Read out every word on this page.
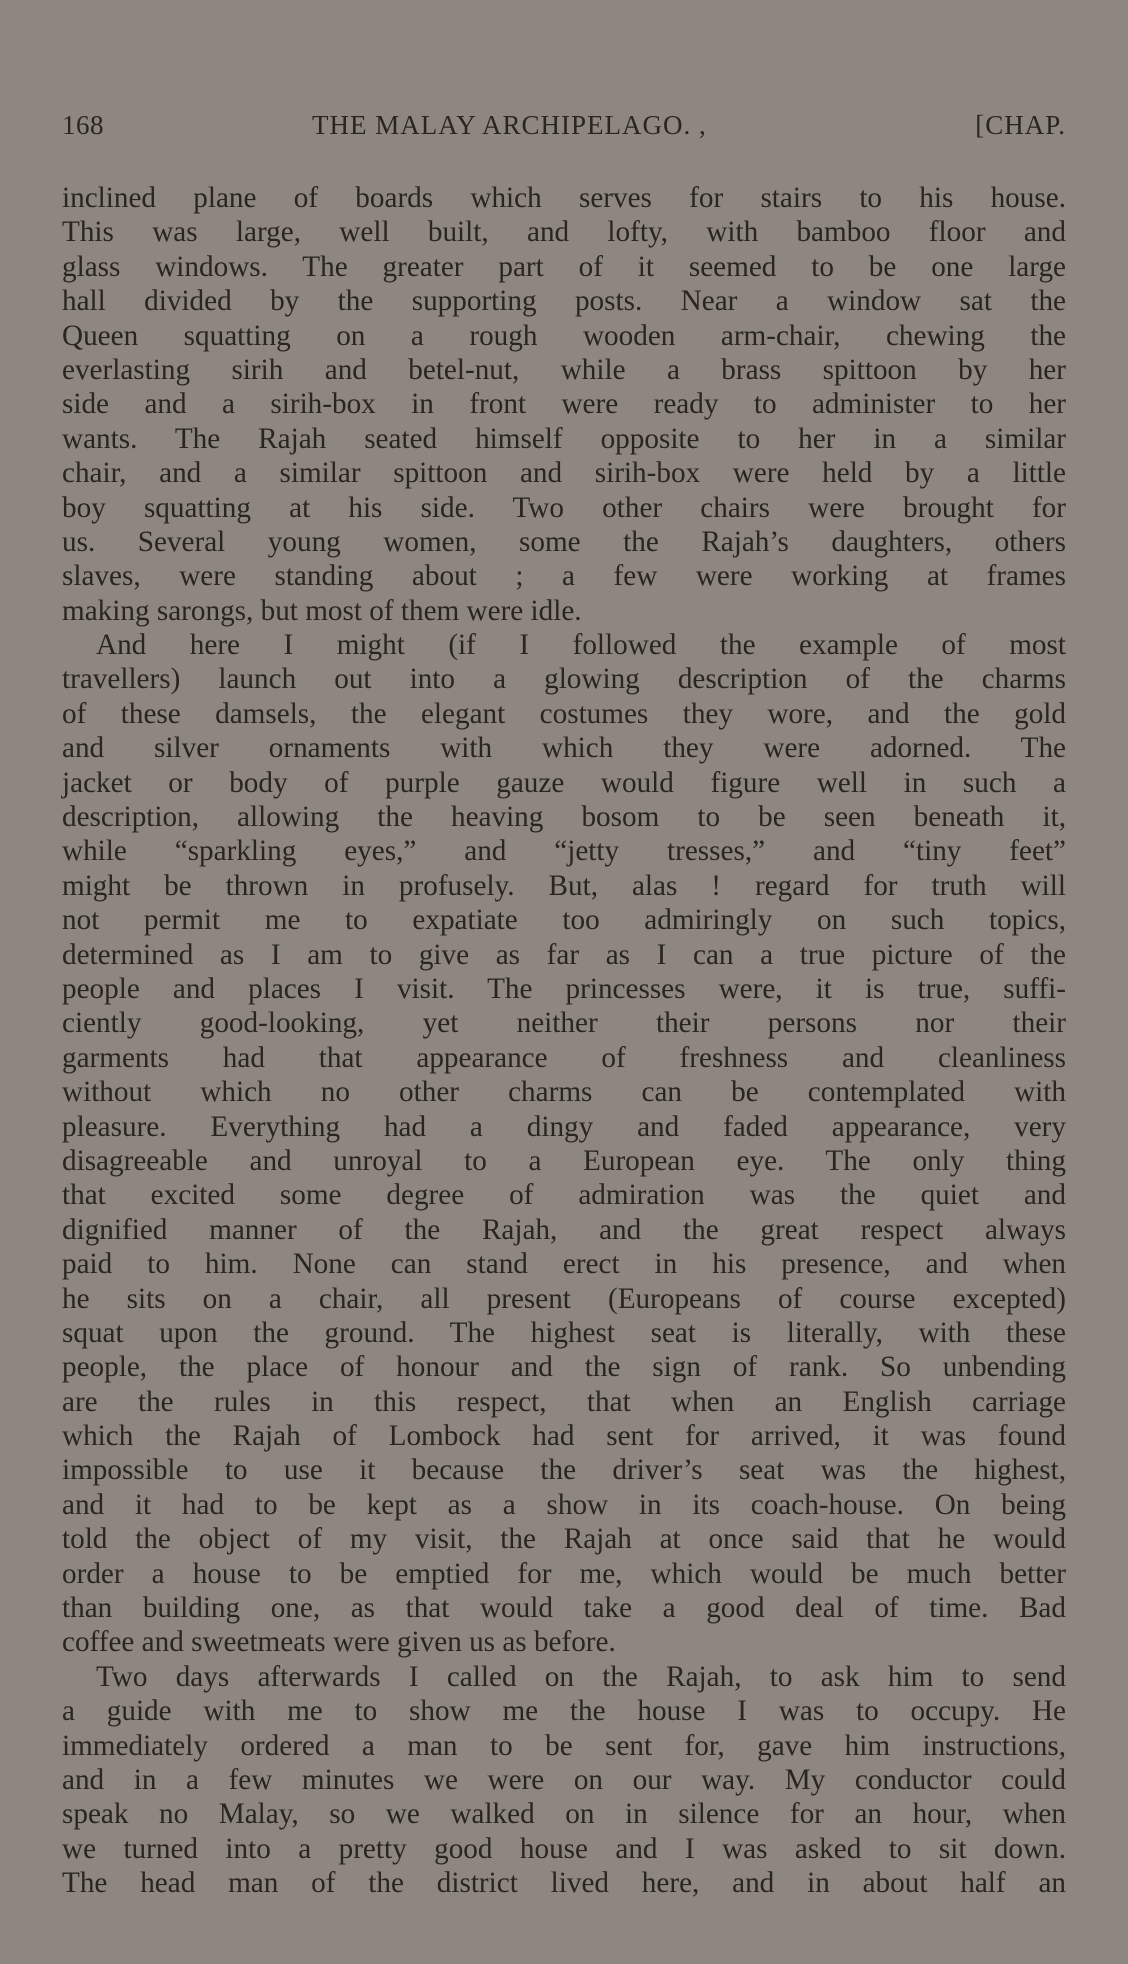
168	THE MALAY ARCHIPELAGO. ,	[CHAP.
inclined plane of boards which serves for stairs to his house.
This was large, well built, and lofty, with bamboo floor and
glass windows. The greater part of it seemed to be one large
hall divided by the supporting posts. Near a window sat the
Queen squatting on a rough wooden arm-chair, chewing the
everlasting sirih and betel-nut, while a brass spittoon by her
side and a sirih-box in front were ready to administer to her
wants. The Rajah seated himself opposite to her in a similar
chair, and a similar spittoon and sirih-box were held by a little
boy squatting at his side. Two other chairs were brought for
us. Several young women, some the Rajah’s daughters, others
slaves, were standing about ; a few were working at frames
making sarongs, but most of them were idle.
And here I might (if I followed the example of most
travellers) launch out into a glowing description of the charms
of these damsels, the elegant costumes they wore, and the gold
and silver ornaments with which they were adorned. The
jacket or body of purple gauze would figure well in such a
description, allowing the heaving bosom to be seen beneath it,
while “sparkling eyes,” and “jetty tresses,” and “tiny feet”
might be thrown in profusely. But, alas ! regard for truth will
not permit me to expatiate too admiringly on such topics,
determined as I am to give as far as I can a true picture of the
people and places I visit. The princesses were, it is true, suffi-
ciently good-looking, yet neither their persons nor their
garments had that appearance of freshness and cleanliness
without which no other charms can be contemplated with
pleasure. Everything had a dingy and faded appearance, very
disagreeable and unroyal to a European eye. The only thing
that excited some degree of admiration was the quiet and
dignified manner of the Rajah, and the great respect always
paid to him. None can stand erect in his presence, and when
he sits on a chair, all present (Europeans of course excepted)
squat upon the ground. The highest seat is literally, with these
people, the place of honour and the sign of rank. So unbending
are the rules in this respect, that when an English carriage
which the Rajah of Lombock had sent for arrived, it was found
impossible to use it because the driver’s seat was the highest,
and it had to be kept as a show in its coach-house. On being
told the object of my visit, the Rajah at once said that he would
order a house to be emptied for me, which would be much better
than building one, as that would take a good deal of time. Bad
coffee and sweetmeats were given us as before.
Two days afterwards I called on the Rajah, to ask him to send
a guide with me to show me the house I was to occupy. He
immediately ordered a man to be sent for, gave him instructions,
and in a few minutes we were on our way. My conductor could
speak no Malay, so we walked on in silence for an hour, when
we turned into a pretty good house and I was asked to sit down.
The head man of the district lived here, and in about half an
